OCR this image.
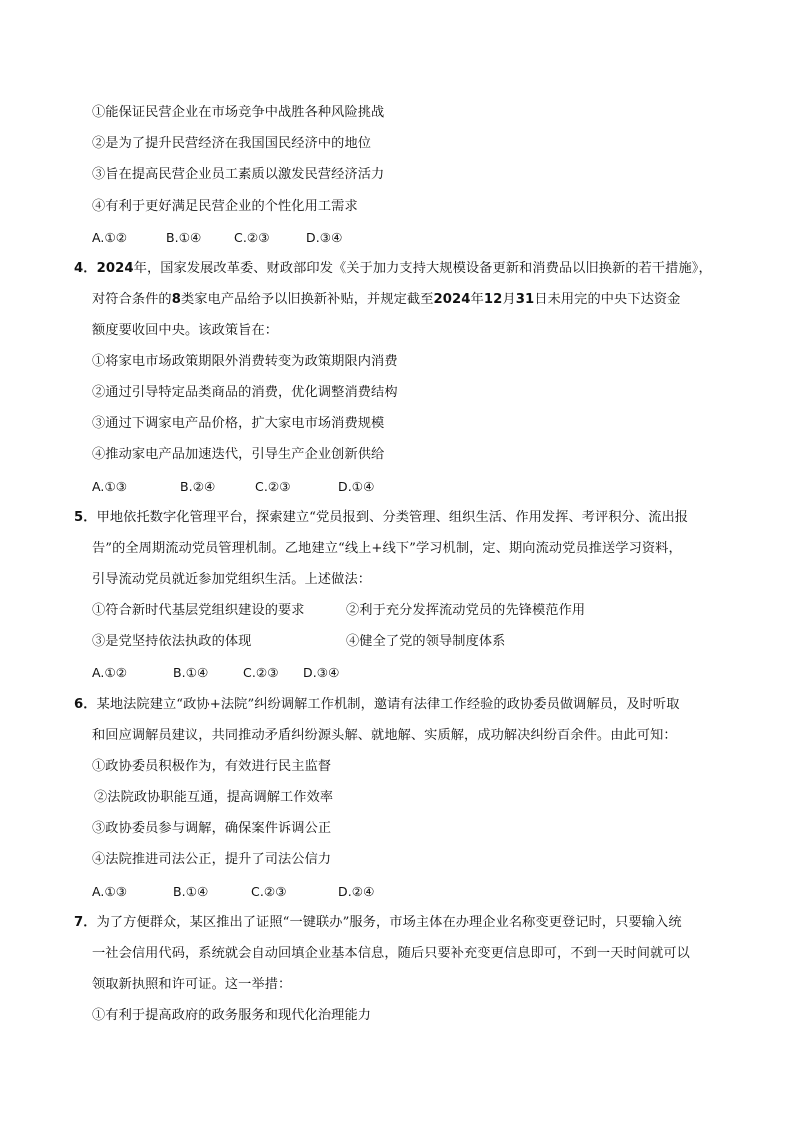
①能保证民营企业在市场竞争中战胜各种风险挑战
②是为了提升民营经济在我国国民经济中的地位
③旨在提高民营企业员工素质以激发民营经济活力
④有利于更好满足民营企业的个性化用工需求
A.①②	B.①④	C.②③	D.③④
4．2024年，国家发展改革委、财政部印发《关于加力支持大规模设备更新和消费品以旧换新的若干措施》，
对符合条件的8类家电产品给予以旧换新补贴，并规定截至2024年12月31日未用完的中央下达资金
额度要收回中央。该政策旨在：
①将家电市场政策期限外消费转变为政策期限内消费
②通过引导特定品类商品的消费，优化调整消费结构
③通过下调家电产品价格，扩大家电市场消费规模
④推动家电产品加速迭代，引导生产企业创新供给
A.①③	B.②④	C.②③	D.①④
5．甲地依托数字化管理平台，探索建立“党员报到、分类管理、组织生活、作用发挥、考评积分、流出报
告”的全周期流动党员管理机制。乙地建立“线上+线下”学习机制，定、期向流动党员推送学习资料，
引导流动党员就近参加党组织生活。上述做法：
①符合新时代基层党组织建设的要求	②利于充分发挥流动党员的先锋模范作用
③是党坚持依法执政的体现	④健全了党的领导制度体系
A.①②	B.①④	C.②③ D.③④
6．某地法院建立“政协+法院”纠纷调解工作机制，邀请有法律工作经验的政协委员做调解员，及时听取
和回应调解员建议，共同推动矛盾纠纷源头解、就地解、实质解，成功解决纠纷百余件。由此可知：
①政协委员积极作为，有效进行民主监督
②法院政协职能互通，提高调解工作效率
③政协委员参与调解，确保案件诉调公正
④法院推进司法公正，提升了司法公信力
A.①③	B.①④	C.②③	D.②④
7．为了方便群众，某区推出了证照“一键联办”服务，市场主体在办理企业名称变更登记时，只要输入统
一社会信用代码，系统就会自动回填企业基本信息，随后只要补充变更信息即可，不到一天时间就可以
领取新执照和许可证。这一举措：
①有利于提高政府的政务服务和现代化治理能力
